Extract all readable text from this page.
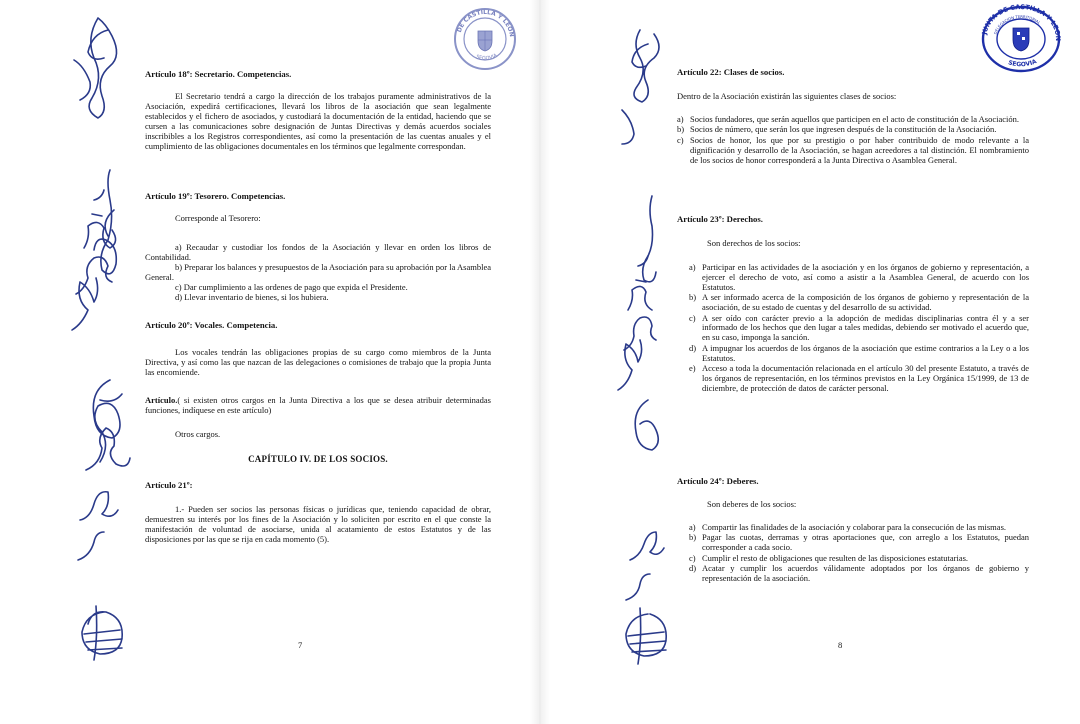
DE CASTILLA Y LEON
SEGOVIA
Artículo 18º: Secretario. Competencias.

El Secretario tendrá a cargo la dirección de los trabajos puramente administrativos de la Asociación, expedirá certificaciones, llevará los libros de la asociación que sean legalmente establecidos y el fichero de asociados, y custodiará la documentación de la entidad, haciendo que se cursen a las comunicaciones sobre designación de Juntas Directivas y demás acuerdos sociales inscribibles a los Registros correspondientes, así como la presentación de las cuentas anuales y el cumplimiento de las obligaciones documentales en los términos que legalmente correspondan.

Artículo 19º: Tesorero. Competencias.
Corresponde al Tesorero:

a) Recaudar y custodiar los fondos de la Asociación y llevar en orden los libros de Contabilidad.

b) Preparar los balances y presupuestos de la Asociación para su aprobación por la Asamblea General.

c) Dar cumplimiento a las ordenes de pago que expida el Presidente.

d) Llevar inventario de bienes, si los hubiera.

Artículo 20º: Vocales. Competencia.

Los vocales tendrán las obligaciones propias de su cargo como miembros de la Junta Directiva, y así como las que nazcan de las delegaciones o comisiones de trabajo que la propia Junta las encomiende.

Artículo.( si existen otros cargos en la Junta Directiva a los que se desea atribuir determinadas funciones, indíquese en este artículo)

Otros cargos.
CAPÍTULO IV. DE LOS SOCIOS.
Artículo 21º:

1.- Pueden ser socios las personas físicas o jurídicas que, teniendo capacidad de obrar, demuestren su interés por los fines de la Asociación y lo soliciten por escrito en el que conste la manifestación de voluntad de asociarse, unida al acatamiento de estos Estatutos y de las disposiciones por las que se rija en cada momento (5).

7
JUNTA DE CASTILLA Y LEON
DELEGACION TERRITORIAL
SEGOVIA
Artículo 22: Clases de socios.
Dentro de la Asociación existirán las siguientes clases de socios:
a) Socios fundadores, que serán aquellos que participen en el acto de constitución de la Asociación.
b) Socios de número, que serán los que ingresen después de la constitución de la Asociación.
c) Socios de honor, los que por su prestigio o por haber contribuido de modo relevante a la dignificación y desarrollo de la Asociación, se hagan acreedores a tal distinción. El nombramiento de los socios de honor corresponderá a la Junta Directiva o Asamblea General.
Artículo 23º: Derechos.
Son derechos de los socios:
a) Participar en las actividades de la asociación y en los órganos de gobierno y representación, a ejercer el derecho de voto, así como a asistir a la Asamblea General, de acuerdo con los Estatutos.
b) A ser informado acerca de la composición de los órganos de gobierno y representación de la asociación, de su estado de cuentas y del desarrollo de su actividad.
c) A ser oído con carácter previo a la adopción de medidas disciplinarias contra él y a ser informado de los hechos que den lugar a tales medidas, debiendo ser motivado el acuerdo que, en su caso, imponga la sanción.
d) A impugnar los acuerdos de los órganos de la asociación que estime contrarios a la Ley o a los Estatutos.
e) Acceso a toda la documentación relacionada en el artículo 30 del presente Estatuto, a través de los órganos de representación, en los términos previstos en la Ley Orgánica 15/1999, de 13 de diciembre, de protección de datos de carácter personal.
Artículo 24º: Deberes.
Son deberes de los socios:
a) Compartir las finalidades de la asociación y colaborar para la consecución de las mismas.
b) Pagar las cuotas, derramas y otras aportaciones que, con arreglo a los Estatutos, puedan corresponder a cada socio.
c) Cumplir el resto de obligaciones que resulten de las disposiciones estatutarias.
d) Acatar y cumplir los acuerdos válidamente adoptados por los órganos de gobierno y representación de la asociación.
8
